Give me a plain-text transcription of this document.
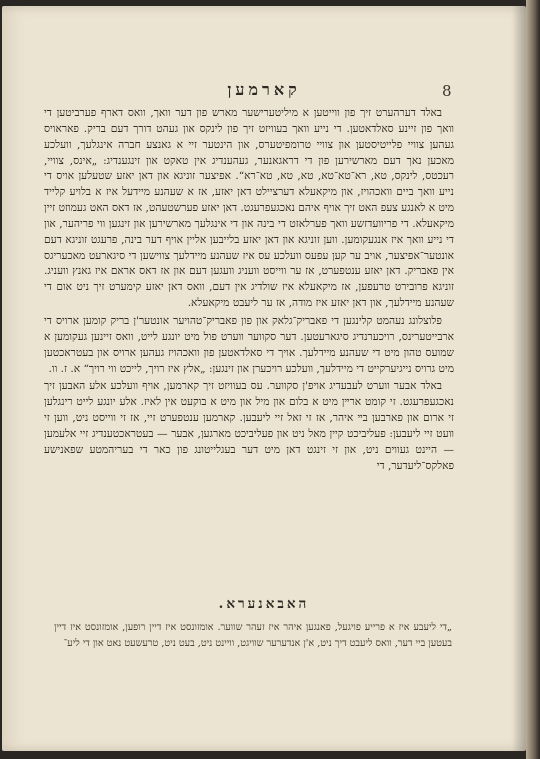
8
קארמען

באלד דערהערט זיך פון ווייטען א מיליטערישער מארש פון דער וואך, וואס דארף פערביטען די וואך פון זיינע סאלדאטען. די נייע וואך בעוויזט זיך פון לינקס און געהט דורך דעם בריק. פאראויס געהען צוויי פלייטיסטען און צוויי טרומפיטערס, און הינטער זיי א גאנצע חברה אינגלעך, וועלכע מאכען נאך דעם מארשירען פון די דראגאנער, געהענדיג אין טאקט און זינגענדיג: „אינס, צוויי, רעכטס, לינקס, טא, רא־טא־טא, טא, טא, טא־רא“. אפיצער זוניגא און דאן יאזע שטעלען אויס די נייע וואך ביים וואכהויז, און מיקאעלא דערציילט דאן יאזע, אז א שעהנע מיידעל איז א בלויע קלייד מיט א לאנגע צעפ האט זיך אויף איהם נאכגעפרעגט. דאן יאזע פערשטעהט, אז דאס האט געמוזט זיין מיקאעלא. די פריוועדזשע וואך פערלאזט די בינה און די אינגלעך מארשירען און זינגען ווי פריהער, און די נייע וואך איז אנגעקומען. ווען זוניגא און דאן יאזע בלייבען אליין אויף דער בינה, פרעגט זוניגא דעם אונטער־אפיצער, אויב ער קען עפעס וועלכע עס איז שעהנע מיידלעך צווישען די סיגארעט מאכעריגס אין פאבריק. דאן יאזע ענטפערט, אז ער ווייסט וועניג וועגען דעם און אז דאס אראם איז גאנץ וועניג. זוניגא פרובירט טרעפען, אז מיקאעלא איז שולדיג אין דעם, וואס דאן יאזע קימערט זיך ניט אום די שעהנע מיידלעך, און דאן יאזע איז מודה, אז ער ליעבט מיקאעלא.

פלוצלונג נעהמט קלינגען די פאבריק־גלאק און פון פאבריק־טהויער אונטער'ן בריק קומען ארויס די ארבייטערינס, רויכערנדיג סיגארעטען. דער סקווער ווערט פול מיט יונגע לייט, וואס זיינען געקומען א שמועס טהון מיט די שעהנע מיידלעך. אויך די סאלדאטען פון וואכהויז געהען ארויס און בעטראכטען מיט גרויס נייגיערקייט די מיידלעך, וועלכע רויכערן און זינגען: „אלץ איז רויך, לייכט ווי רויך“ א. ז. וו.

באלד אבער ווערט לעבעדיג אויפ'ן סקווער. עס בעוויזט זיך קארמען, אויף וועלכע אלע האבען זיך נאכגעפרעגט. זי קומט ארײן מיט א בלום און מיל און מיט א בוקעט אין לאיז. אלע יונגע לייט רינגלען זי ארום און פארבען בײ איהר, אז זי זאל זיי ליעבען. קארמען ענטפערט זיי, אז זי ווייסט ניט, ווען זי וועט זיי ליעבען: פעליביכט קיין מאל ניט און פעליביכט מארגען, אבער — בעטראכטענדיג זיי אלעמען — היינט געווים ניט, און זי זינגט דאן מיט דער בעגלייטונג פון כאר די בעריהמטע שפאנישע פאלקס־ליעדער, די

האבאנערא.
„די ליעבע איז א פרייע פויגעל, פאנגען איהר איז זעהר שווער. אומזונסט איז דיין רופען, אומזונסט איז דיין בעטען ביי דער, וואס ליעבט דיך ניט, א'ן אנדערער שוויגט, וויינט ניט, בעט ניט, טרעשעט נאט און די ליע־
